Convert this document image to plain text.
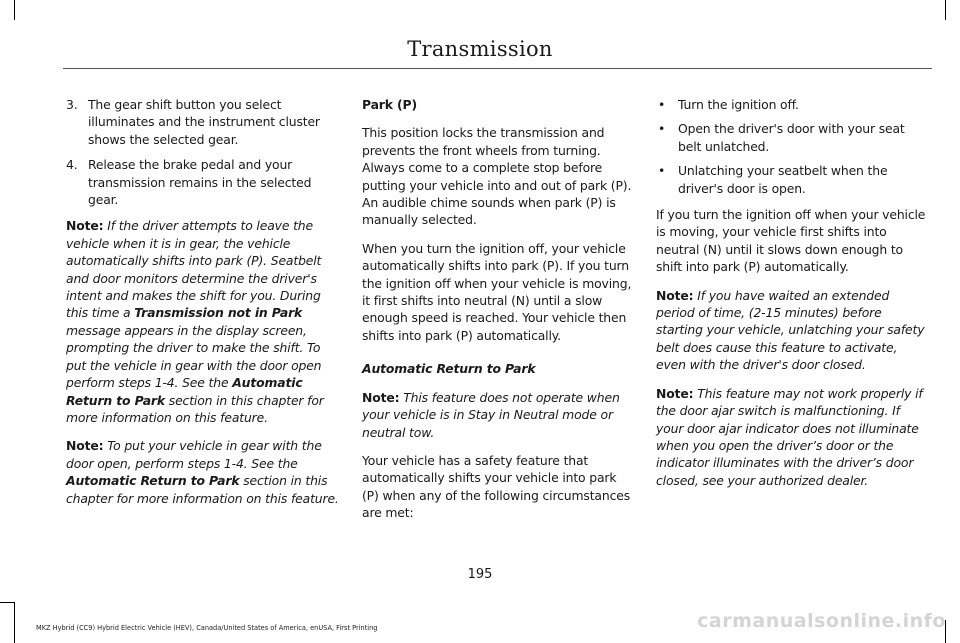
Transmission
3. The gear shift button you select illuminates and the instrument cluster shows the selected gear.
4. Release the brake pedal and your transmission remains in the selected gear.

Note: If the driver attempts to leave the vehicle when it is in gear, the vehicle automatically shifts into park (P). Seatbelt and door monitors determine the driver's intent and makes the shift for you. During this time a Transmission not in Park message appears in the display screen, prompting the driver to make the shift. To put the vehicle in gear with the door open perform steps 1-4. See the Automatic Return to Park section in this chapter for more information on this feature.

Note: To put your vehicle in gear with the door open, perform steps 1-4. See the Automatic Return to Park section in this chapter for more information on this feature.

Park (P)

This position locks the transmission and prevents the front wheels from turning. Always come to a complete stop before putting your vehicle into and out of park (P). An audible chime sounds when park (P) is manually selected.

When you turn the ignition off, your vehicle automatically shifts into park (P). If you turn the ignition off when your vehicle is moving, it first shifts into neutral (N) until a slow enough speed is reached. Your vehicle then shifts into park (P) automatically.

Automatic Return to Park

Note: This feature does not operate when your vehicle is in Stay in Neutral mode or neutral tow.

Your vehicle has a safety feature that automatically shifts your vehicle into park (P) when any of the following circumstances are met:

• Turn the ignition off.
• Open the driver's door with your seat belt unlatched.
• Unlatching your seatbelt when the driver's door is open.

If you turn the ignition off when your vehicle is moving, your vehicle first shifts into neutral (N) until it slows down enough to shift into park (P) automatically.

Note: If you have waited an extended period of time, (2-15 minutes) before starting your vehicle, unlatching your safety belt does cause this feature to activate, even with the driver's door closed.

Note: This feature may not work properly if the door ajar switch is malfunctioning. If your door ajar indicator does not illuminate when you open the driver’s door or the indicator illuminates with the driver’s door closed, see your authorized dealer.

195
MKZ Hybrid (CC9) Hybrid Electric Vehicle (HEV), Canada/United States of America, enUSA, First Printing	carmanualsonline.info
